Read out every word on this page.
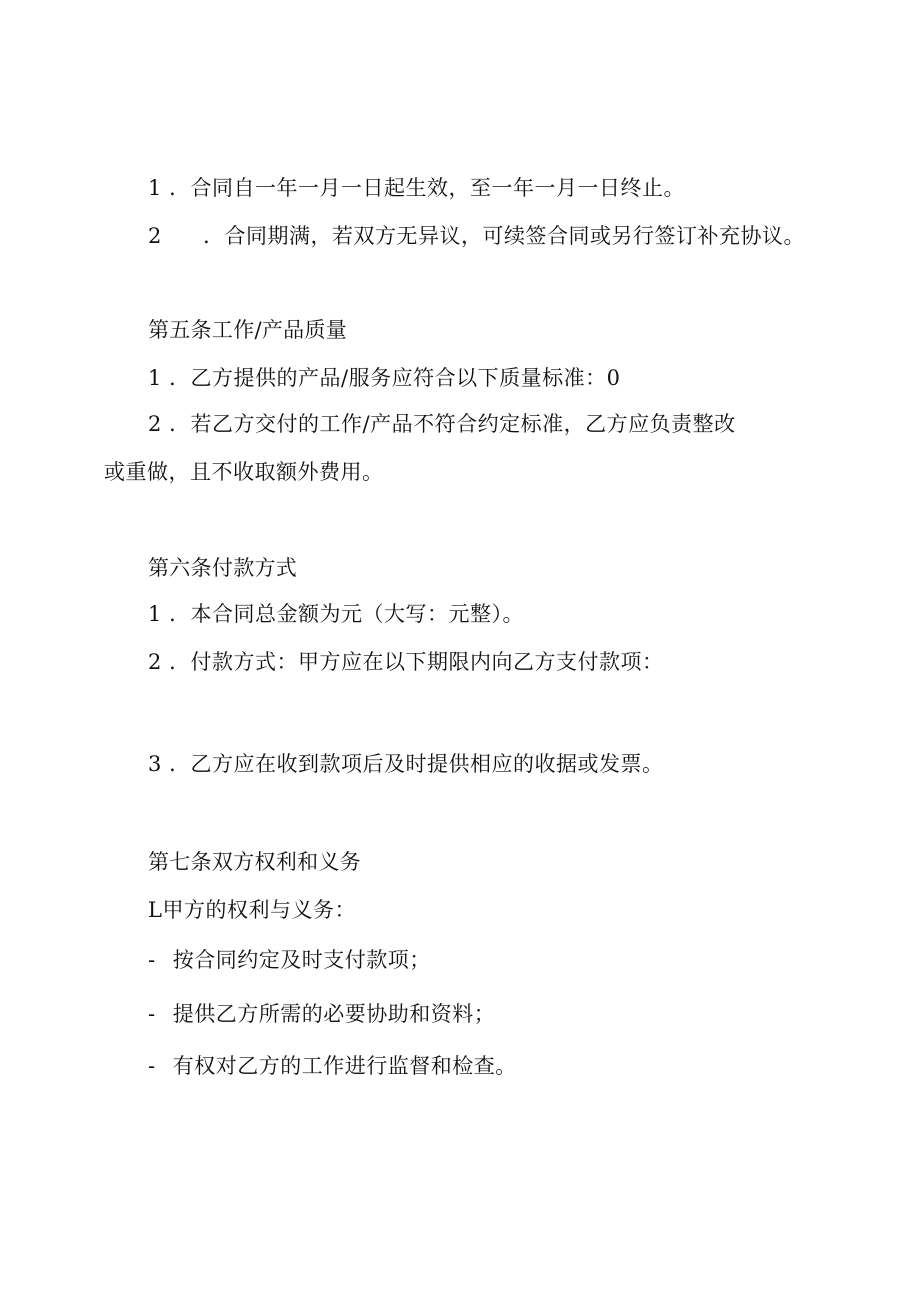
1 ．合同自一年一月一日起生效，至一年一月一日终止。
2 ．合同期满，若双方无异议，可续签合同或另行签订补充协议。
第五条工作/产品质量
1 ．乙方提供的产品/服务应符合以下质量标准：0
2 ．若乙方交付的工作/产品不符合约定标准，乙方应负责整改
或重做，且不收取额外费用。
第六条付款方式
1 ．本合同总金额为元（大写：元整）。
2 ．付款方式：甲方应在以下期限内向乙方支付款项：
3 ．乙方应在收到款项后及时提供相应的收据或发票。
第七条双方权利和义务
L甲方的权利与义务：
- 按合同约定及时支付款项；
- 提供乙方所需的必要协助和资料；
- 有权对乙方的工作进行监督和检查。
